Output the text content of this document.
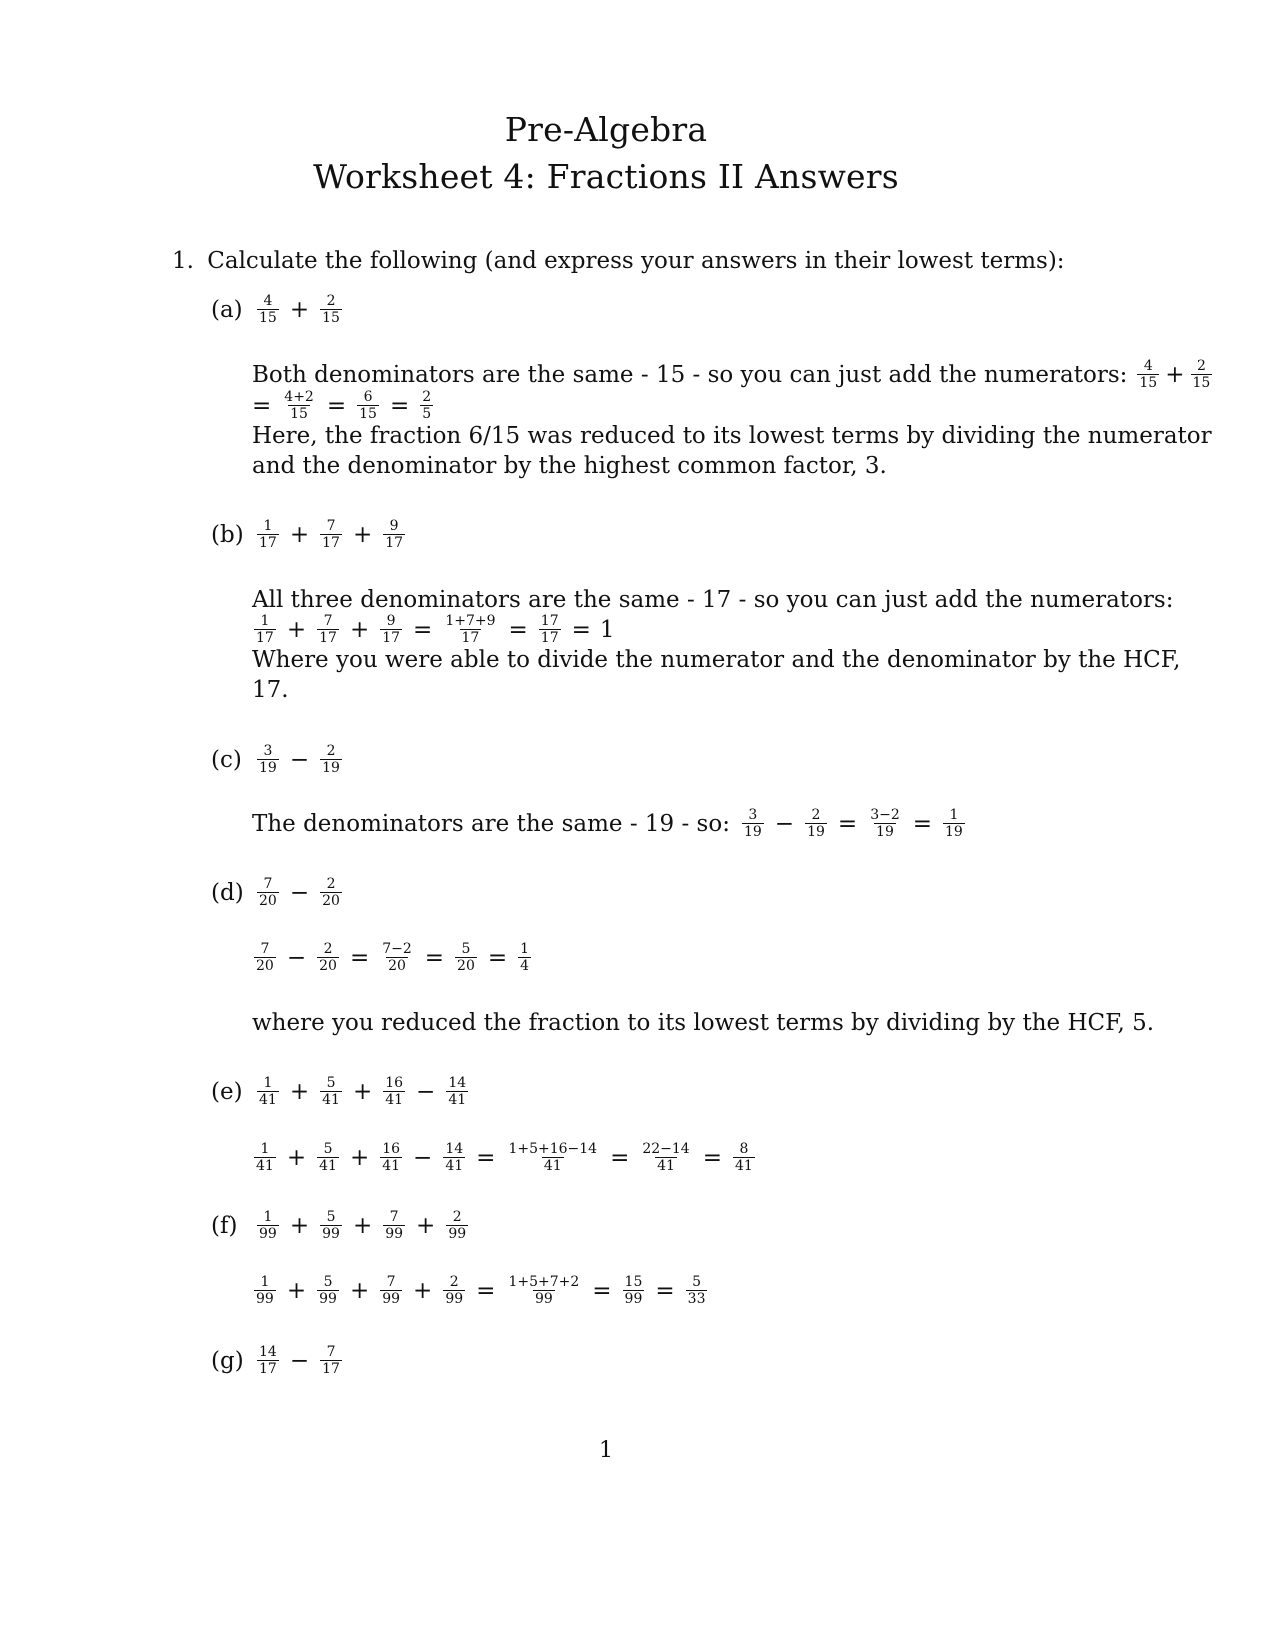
Pre-Algebra
Worksheet 4: Fractions II Answers
1. Calculate the following (and express your answers in their lowest terms):
(a)	$\frac{4}{15} + \frac{2}{15}$
Both denominators are the same - 15 - so you can just add the numerators: $\frac{4}{15} + \frac{2}{15}$
= $\frac{4+2}{15} = \frac{6}{15} = \frac{2}{5}$
Here, the fraction 6/15 was reduced to its lowest terms by dividing the numerator
and the denominator by the highest common factor, 3.
$(b) \frac{1}{17} + \frac{7}{17} + \frac{9}{17}$
All three denominators are the same - 17 - so you can just add the numerators:
$\frac{1}{17} + \frac{7}{17} + \frac{9}{17} = \frac{1+7+9}{17} = \frac{17}{17} = 1$
Where you were able to divide the numerator and the denominator by the HCF,
17.
(c)	$\frac{3}{19} - \frac{2}{19}$
The denominators are the same - 19 - so: $\frac{3}{19} - \frac{2}{19} = \frac{3-2}{19} = \frac{1}{19}$
$(d) \frac{7}{20} - \frac{2}{20}$
$\frac{7}{20} - \frac{2}{20} = \frac{7-2}{20} = \frac{5}{20} = \frac{1}{4}$
where you reduced the fraction to its lowest terms by dividing by the HCF, 5.
(e)	$\frac{1}{41} + \frac{5}{41} + \frac{16}{41} - \frac{14}{41}$
$\frac{1}{41} + \frac{5}{41} + \frac{16}{41} - \frac{14}{41} = \frac{1+5+16-14}{41} = \frac{22-14}{41} = \frac{8}{41}$
(f)	$\frac{1}{99} + \frac{5}{99} + \frac{7}{99} + \frac{2}{99}$
$\frac{1}{99} + \frac{5}{99} + \frac{7}{99} + \frac{2}{99} = \frac{1+5+7+2}{99} = \frac{15}{99} = \frac{5}{33}$
$(g) \frac{14}{17} - \frac{7}{17}$
1
